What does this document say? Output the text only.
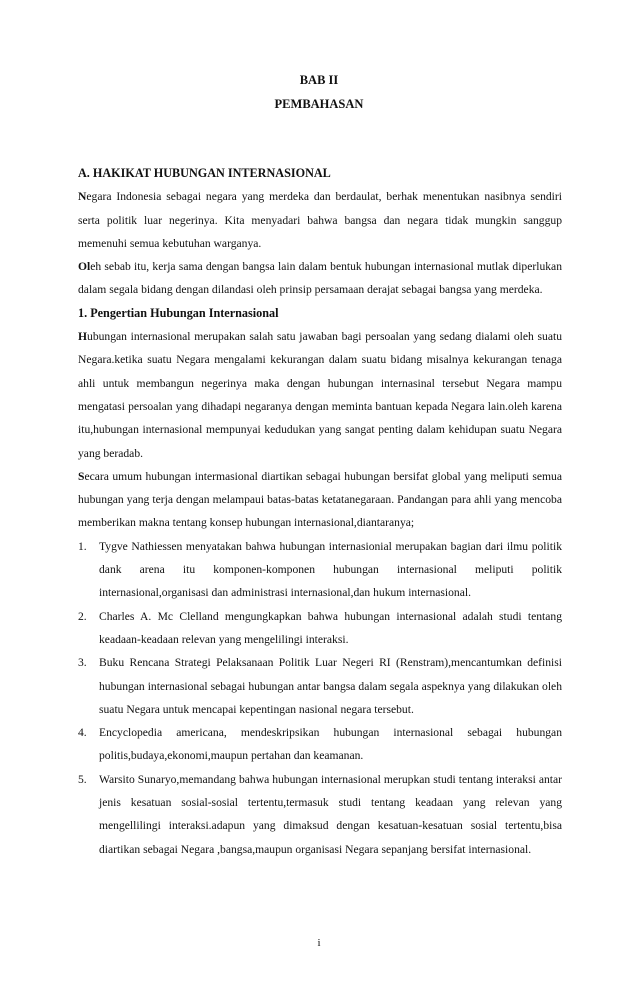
BAB II
PEMBAHASAN

A. HAKIKAT HUBUNGAN INTERNASIONAL

Negara Indonesia sebagai negara yang merdeka dan berdaulat, berhak menentukan nasibnya sendiri serta politik luar negerinya. Kita menyadari bahwa bangsa dan negara tidak mungkin sanggup memenuhi semua kebutuhan warganya.

Oleh sebab itu, kerja sama dengan bangsa lain dalam bentuk hubungan internasional mutlak diperlukan dalam segala bidang dengan dilandasi oleh prinsip persamaan derajat sebagai bangsa yang merdeka.

1. Pengertian Hubungan Internasional

Hubungan internasional merupakan salah satu jawaban bagi persoalan yang sedang dialami oleh suatu Negara.ketika suatu Negara mengalami kekurangan dalam suatu bidang misalnya kekurangan tenaga ahli untuk membangun negerinya maka dengan hubungan internasinal tersebut Negara mampu mengatasi persoalan yang dihadapi negaranya dengan meminta bantuan kepada Negara lain.oleh karena itu,hubungan internasional mempunyai kedudukan yang sangat penting dalam kehidupan suatu Negara yang beradab.

Secara umum hubungan intermasional diartikan sebagai hubungan bersifat global yang meliputi semua hubungan yang terja dengan melampaui batas-batas ketatanegaraan. Pandangan para ahli yang mencoba memberikan makna tentang konsep hubungan internasional,diantaranya;

1. Tygve Nathiessen menyatakan bahwa hubungan internasionial merupakan bagian dari ilmu politik dank arena itu komponen-komponen hubungan internasional meliputi politik internasional,organisasi dan administrasi internasional,dan hukum internasional.
2. Charles A. Mc Clelland mengungkapkan bahwa hubungan internasional adalah studi tentang keadaan-keadaan relevan yang mengelilingi interaksi.
3. Buku Rencana Strategi Pelaksanaan Politik Luar Negeri RI (Renstram),mencantumkan definisi hubungan internasional sebagai hubungan antar bangsa dalam segala aspeknya yang dilakukan oleh suatu Negara untuk mencapai kepentingan nasional negara tersebut.
4. Encyclopedia americana, mendeskripsikan hubungan internasional sebagai hubungan politis,budaya,ekonomi,maupun pertahan dan keamanan.
5. Warsito Sunaryo,memandang bahwa hubungan internasional merupkan studi tentang interaksi antar jenis kesatuan sosial-sosial tertentu,termasuk studi tentang keadaan yang relevan yang mengellilingi interaksi.adapun yang dimaksud dengan kesatuan-kesatuan sosial tertentu,bisa diartikan sebagai Negara ,bangsa,maupun organisasi Negara sepanjang bersifat internasional.
i
